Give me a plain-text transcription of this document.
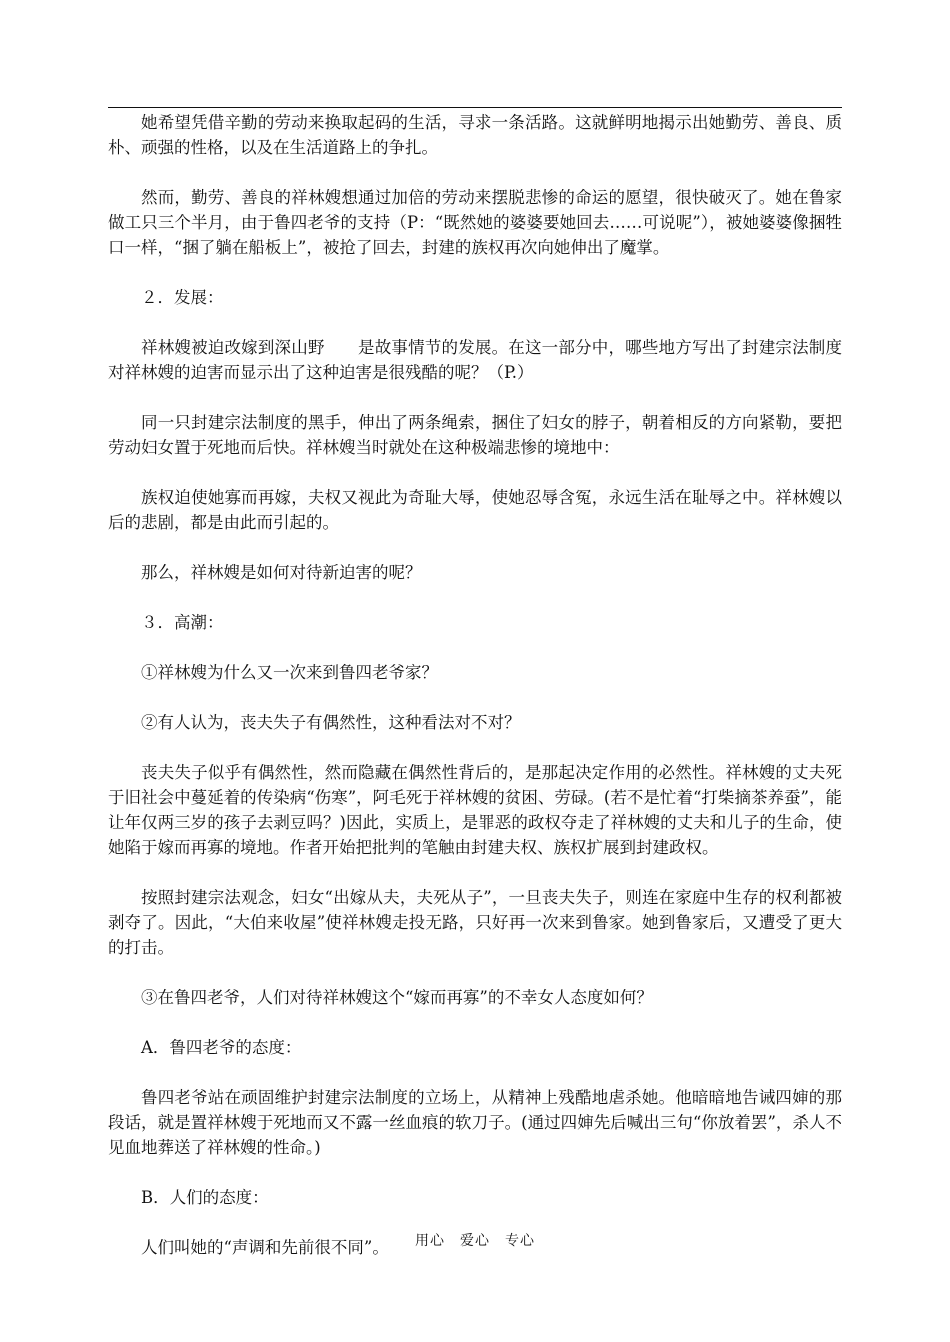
她希望凭借辛勤的劳动来换取起码的生活，寻求一条活路。这就鲜明地揭示出她勤劳、善良、质朴、顽强的性格，以及在生活道路上的争扎。

然而，勤劳、善良的祥林嫂想通过加倍的劳动来摆脱悲惨的命运的愿望，很快破灭了。她在鲁家做工只三个半月，由于鲁四老爷的支持（P：“既然她的婆婆要她回去……可说呢”），被她婆婆像捆牲口一样，“捆了躺在船板上”，被抢了回去，封建的族权再次向她伸出了魔掌。

２．发展：

祥林嫂被迫改嫁到深山野　　是故事情节的发展。在这一部分中，哪些地方写出了封建宗法制度对祥林嫂的迫害而显示出了这种迫害是很残酷的呢？（P.）

同一只封建宗法制度的黑手，伸出了两条绳索，捆住了妇女的脖子，朝着相反的方向紧勒，要把劳动妇女置于死地而后快。祥林嫂当时就处在这种极端悲惨的境地中：

族权迫使她寡而再嫁，夫权又视此为奇耻大辱，使她忍辱含冤，永远生活在耻辱之中。祥林嫂以后的悲剧，都是由此而引起的。

那么，祥林嫂是如何对待新迫害的呢？

３．高潮：

①祥林嫂为什么又一次来到鲁四老爷家？

②有人认为，丧夫失子有偶然性，这种看法对不对？

丧夫失子似乎有偶然性，然而隐藏在偶然性背后的，是那起决定作用的必然性。祥林嫂的丈夫死于旧社会中蔓延着的传染病“伤寒”，阿毛死于祥林嫂的贫困、劳碌。(若不是忙着“打柴摘茶养蚕”，能让年仅两三岁的孩子去剥豆吗？)因此，实质上，是罪恶的政权夺走了祥林嫂的丈夫和儿子的生命，使她陷于嫁而再寡的境地。作者开始把批判的笔触由封建夫权、族权扩展到封建政权。

按照封建宗法观念，妇女“出嫁从夫，夫死从子”，一旦丧夫失子，则连在家庭中生存的权利都被剥夺了。因此，“大伯来收屋”使祥林嫂走投无路，只好再一次来到鲁家。她到鲁家后，又遭受了更大的打击。

③在鲁四老爷，人们对待祥林嫂这个“嫁而再寡”的不幸女人态度如何？

A．鲁四老爷的态度：

鲁四老爷站在顽固维护封建宗法制度的立场上，从精神上残酷地虐杀她。他暗暗地告诫四婶的那段话，就是置祥林嫂于死地而又不露一丝血痕的软刀子。(通过四婶先后喊出三句“你放着罢”，杀人不见血地葬送了祥林嫂的性命。)

B．人们的态度：

人们叫她的“声调和先前很不同”。	用心　爱心　专心
